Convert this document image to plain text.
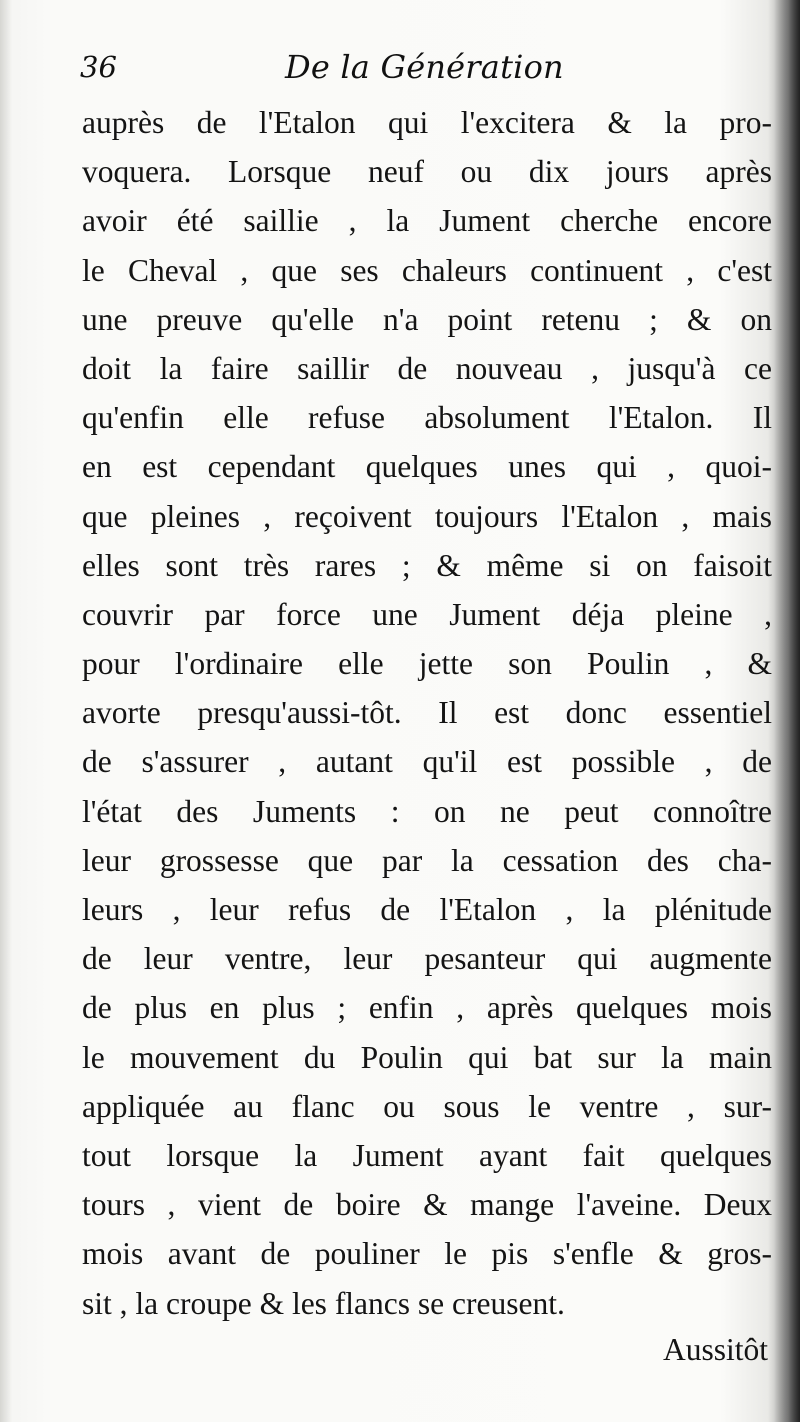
36	De la Génération
auprès de l'Etalon qui l'excitera & la pro-
voquera. Lorsque neuf ou dix jours après
avoir été saillie , la Jument cherche encore
le Cheval , que ses chaleurs continuent , c'est
une preuve qu'elle n'a point retenu ; & on
doit la faire saillir de nouveau , jusqu'à ce
qu'enfin elle refuse absolument l'Etalon. Il
en est cependant quelques unes qui , quoi-
que pleines , reçoivent toujours l'Etalon , mais
elles sont très rares ; & même si on faisoit
couvrir par force une Jument déja pleine ,
pour l'ordinaire elle jette son Poulin , &
avorte presqu'aussi-tôt. Il est donc essentiel
de s'assurer , autant qu'il est possible , de
l'état des Juments : on ne peut connoître
leur grossesse que par la cessation des cha-
leurs , leur refus de l'Etalon , la plénitude
de leur ventre, leur pesanteur qui augmente
de plus en plus ; enfin , après quelques mois
le mouvement du Poulin qui bat sur la main
appliquée au flanc ou sous le ventre , sur-
tout lorsque la Jument ayant fait quelques
tours , vient de boire & mange l'aveine. Deux
mois avant de pouliner le pis s'enfle & gros-
sit , la croupe & les flancs se creusent.
Aussitôt
